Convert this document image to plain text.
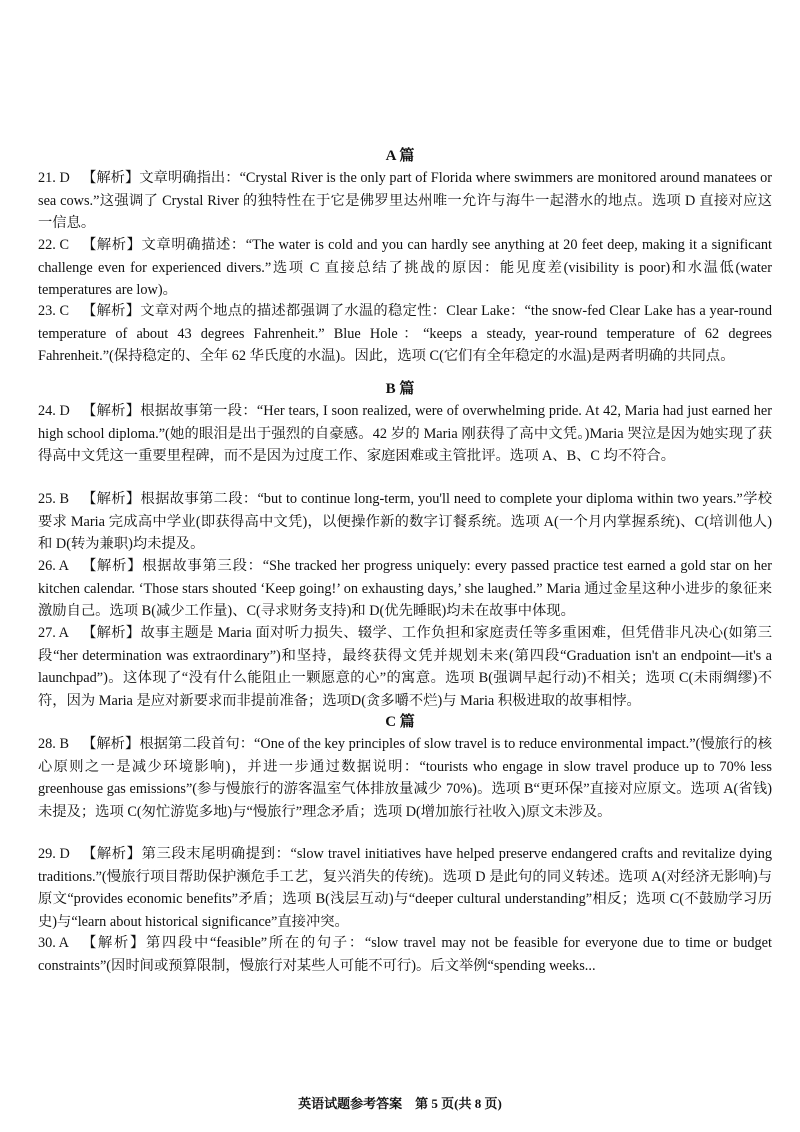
A 篇
21. D 【解析】文章明确指出：“Crystal River is the only part of Florida where swimmers are monitored around manatees or sea cows.”这强调了 Crystal River 的独特性在于它是佛罗里达州唯一允许与海牛一起潜水的地点。选项 D 直接对应这一信息。
22. C 【解析】文章明确描述：“The water is cold and you can hardly see anything at 20 feet deep, making it a significant challenge even for experienced divers.”选项 C 直接总结了挑战的原因：能见度差(visibility is poor)和水温低(water temperatures are low)。
23. C 【解析】文章对两个地点的描述都强调了水温的稳定性：Clear Lake：“the snow-fed Clear Lake has a year-round temperature of about 43 degrees Fahrenheit.” Blue Hole：“keeps a steady, year-round temperature of 62 degrees Fahrenheit.”(保持稳定的、全年 62 华氏度的水温)。因此，选项 C(它们有全年稳定的水温)是两者明确的共同点。
B 篇
24. D 【解析】根据故事第一段：“Her tears, I soon realized, were of overwhelming pride. At 42, Maria had just earned her high school diploma.”(她的眼泪是出于强烈的自豪感。42 岁的 Maria 刚获得了高中文凭。)Maria 哭泣是因为她实现了获得高中文凭这一重要里程碑，而不是因为过度工作、家庭困难或主管批评。选项 A、B、C 均不符合。
25. B 【解析】根据故事第二段：“but to continue long-term, you'll need to complete your diploma within two years.”学校要求 Maria 完成高中学业(即获得高中文凭)，以便操作新的数字订餐系统。选项 A(一个月内掌握系统)、C(培训他人)和 D(转为兼职)均未提及。
26. A 【解析】根据故事第三段：“She tracked her progress uniquely: every passed practice test earned a gold star on her kitchen calendar. ‘Those stars shouted ‘Keep going!’ on exhausting days,’ she laughed.” Maria 通过金星这种小进步的象征来激励自己。选项 B(减少工作量)、C(寻求财务支持)和 D(优先睡眠)均未在故事中体现。
27. A 【解析】故事主题是 Maria 面对听力损失、辍学、工作负担和家庭责任等多重困难，但凭借非凡决心(如第三段“her determination was extraordinary”)和坚持，最终获得文凭并规划未来(第四段“Graduation isn't an endpoint—it's a launchpad”)。这体现了“没有什么能阻止一颗愿意的心”的寓意。选项 B(强调早起行动)不相关；选项 C(未雨绸缪)不符，因为 Maria 是应对新要求而非提前准备；选项D(贪多嚼不烂)与 Maria 积极进取的故事相悖。
C 篇
28. B 【解析】根据第二段首句：“One of the key principles of slow travel is to reduce environmental impact.”(慢旅行的核心原则之一是减少环境影响)，并进一步通过数据说明：“tourists who engage in slow travel produce up to 70% less greenhouse gas emissions”(参与慢旅行的游客温室气体排放量减少 70%)。选项 B“更环保”直接对应原文。选项 A(省钱)未提及；选项 C(匆忙游览多地)与“慢旅行”理念矛盾；选项 D(增加旅行社收入)原文未涉及。
29. D 【解析】第三段末尾明确提到：“slow travel initiatives have helped preserve endangered crafts and revitalize dying traditions.”(慢旅行项目帮助保护濒危手工艺，复兴消失的传统)。选项 D 是此句的同义转述。选项 A(对经济无影响)与原文“provides economic benefits”矛盾；选项 B(浅层互动)与“deeper cultural understanding”相反；选项 C(不鼓励学习历史)与“learn about historical significance”直接冲突。
30. A 【解析】第四段中“feasible”所在的句子：“slow travel may not be feasible for everyone due to time or budget constraints”(因时间或预算限制，慢旅行对某些人可能不可行)。后文举例“spending weeks...
英语试题参考答案　第 5 页(共 8 页)
